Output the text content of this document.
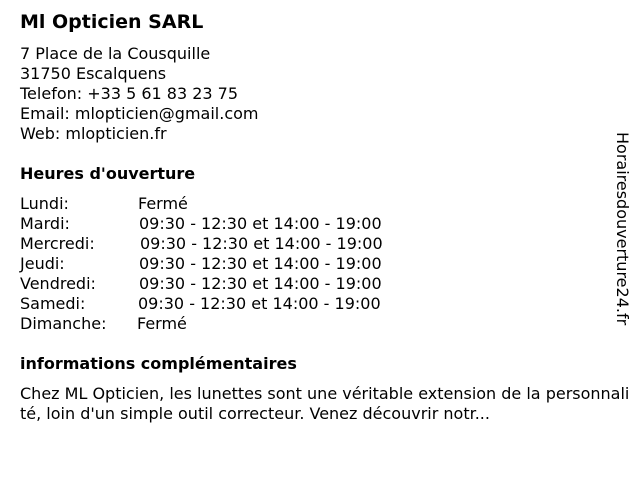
Ml Opticien SARL
7 Place de la Cousquille
31750 Escalquens
Telefon: +33 5 61 83 23 75
Email: mlopticien@gmail.com
Web: mlopticien.fr
Heures d'ouverture
Lundi:	Fermé
Mardi:	09:30 - 12:30 et 14:00 - 19:00
Mercredi:	09:30 - 12:30 et 14:00 - 19:00
Jeudi:	09:30 - 12:30 et 14:00 - 19:00
Vendredi:	09:30 - 12:30 et 14:00 - 19:00
Samedi:	09:30 - 12:30 et 14:00 - 19:00
Dimanche: Fermé
informations complémentaires
Chez ML Opticien, les lunettes sont une véritable extension de la personnalité, loin d'un simple outil correcteur. Venez découvrir notr...
Horairesdouverture24.fr
